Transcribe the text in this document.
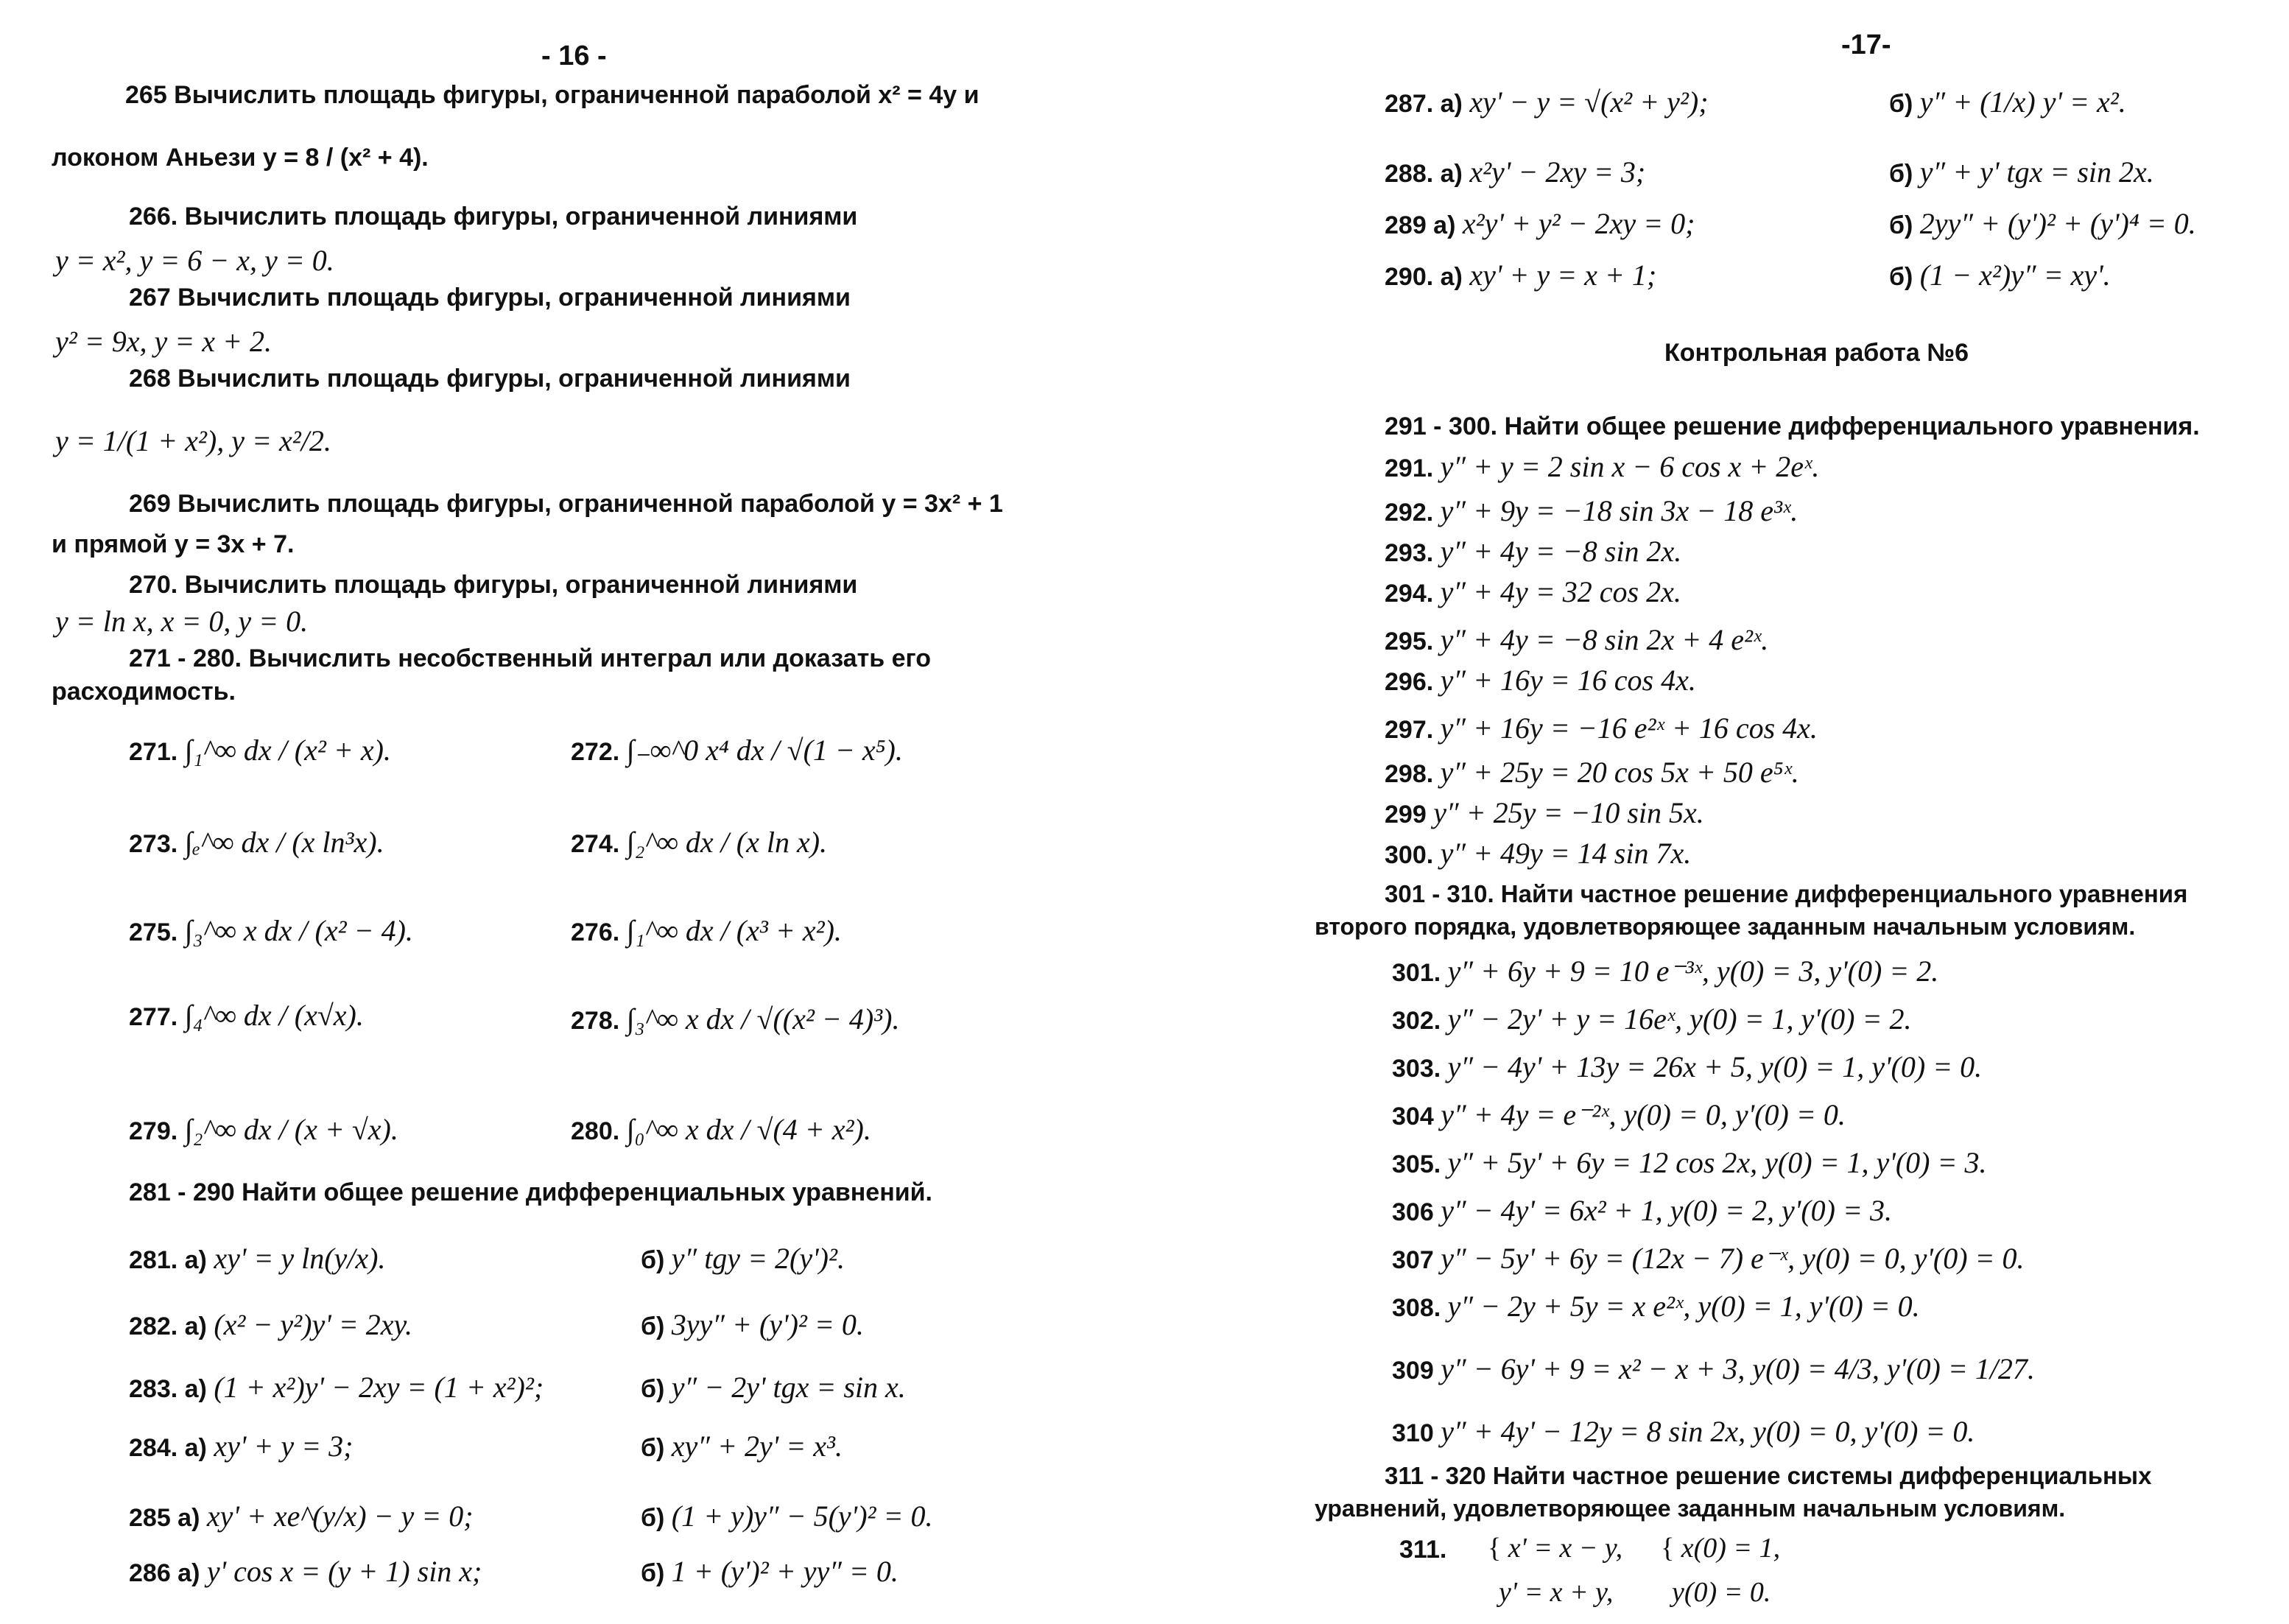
- 16 -
265 Вычислить площадь фигуры, ограниченной параболой x² = 4y и
локоном Аньези y = 8 / (x² + 4).
266. Вычислить площадь фигуры, ограниченной линиями
y = x², y = 6 − x, y = 0.
267 Вычислить площадь фигуры, ограниченной линиями
y² = 9x, y = x + 2.
268 Вычислить площадь фигуры, ограниченной линиями
y = 1/(1 + x²), y = x²/2.
269 Вычислить площадь фигуры, ограниченной параболой y = 3x² + 1
и прямой y = 3x + 7.
270. Вычислить площадь фигуры, ограниченной линиями
y = ln x, x = 0, y = 0.
271 - 280. Вычислить несобственный интеграл или доказать его
расходимость.
271. ∫₁^∞ dx / (x² + x).	272. ∫₋∞^0 x⁴ dx / √(1 − x⁵).
273. ∫ₑ^∞ dx / (x ln³x).	274. ∫₂^∞ dx / (x ln x).
275. ∫₃^∞ x dx / (x² − 4).	276. ∫₁^∞ dx / (x³ + x²).
277. ∫₄^∞ dx / (x√x).	278. ∫₃^∞ x dx / √((x² − 4)³).
279. ∫₂^∞ dx / (x + √x).	280. ∫₀^∞ x dx / √(4 + x²).
281 - 290 Найти общее решение дифференциальных уравнений.
281. а) xy' = y ln(y/x).	б) y″ tgy = 2(y')².
282. а) (x² − y²)y' = 2xy.	б) 3yy″ + (y')² = 0.
283. а) (1 + x²)y' − 2xy = (1 + x²)²;	б) y″ − 2y' tgx = sin x.
284. а) xy' + y = 3;	б) xy″ + 2y' = x³.
285 а) xy' + xe^(y/x) − y = 0;	б) (1 + y)y″ − 5(y')² = 0.
286 а) y' cos x = (y + 1) sin x;	б) 1 + (y')² + yy″ = 0.
-17-
287. а) xy' − y = √(x² + y²);	б) y″ + (1/x) y' = x².
288. а) x²y' − 2xy = 3;	б) y″ + y' tgx = sin 2x.
289 а) x²y' + y² − 2xy = 0;	б) 2yy″ + (y')² + (y')⁴ = 0.
290. а) xy' + y = x + 1;	б) (1 − x²)y″ = xy'.
Контрольная работа №6
291 - 300. Найти общее решение дифференциального уравнения.
291. y″ + y = 2 sin x − 6 cos x + 2eˣ.
292. y″ + 9y = −18 sin 3x − 18 e³ˣ.
293. y″ + 4y = −8 sin 2x.
294. y″ + 4y = 32 cos 2x.
295. y″ + 4y = −8 sin 2x + 4 e²ˣ.
296. y″ + 16y = 16 cos 4x.
297. y″ + 16y = −16 e²ˣ + 16 cos 4x.
298. y″ + 25y = 20 cos 5x + 50 e⁵ˣ.
299 y″ + 25y = −10 sin 5x.
300. y″ + 49y = 14 sin 7x.
301 - 310. Найти частное решение дифференциального уравнения
второго порядка, удовлетворяющее заданным начальным условиям.
301. y″ + 6y + 9 = 10 e⁻³ˣ, y(0) = 3, y'(0) = 2.
302. y″ − 2y' + y = 16eˣ, y(0) = 1, y'(0) = 2.
303. y″ − 4y' + 13y = 26x + 5, y(0) = 1, y'(0) = 0.
304 y″ + 4y = e⁻²ˣ, y(0) = 0, y'(0) = 0.
305. y″ + 5y' + 6y = 12 cos 2x, y(0) = 1, y'(0) = 3.
306 y″ − 4y' = 6x² + 1, y(0) = 2, y'(0) = 3.
307 y″ − 5y' + 6y = (12x − 7) e⁻ˣ, y(0) = 0, y'(0) = 0.
308. y″ − 2y + 5y = x e²ˣ, y(0) = 1, y'(0) = 0.
309 y″ − 6y' + 9 = x² − x + 3, y(0) = 4/3, y'(0) = 1/27.
310 y″ + 4y' − 12y = 8 sin 2x, y(0) = 0, y'(0) = 0.
311 - 320 Найти частное решение системы дифференциальных
уравнений, удовлетворяющее заданным начальным условиям.
311. { x' = x − y,
y' = x + y,
{ x(0) = 1,
y(0) = 0.
